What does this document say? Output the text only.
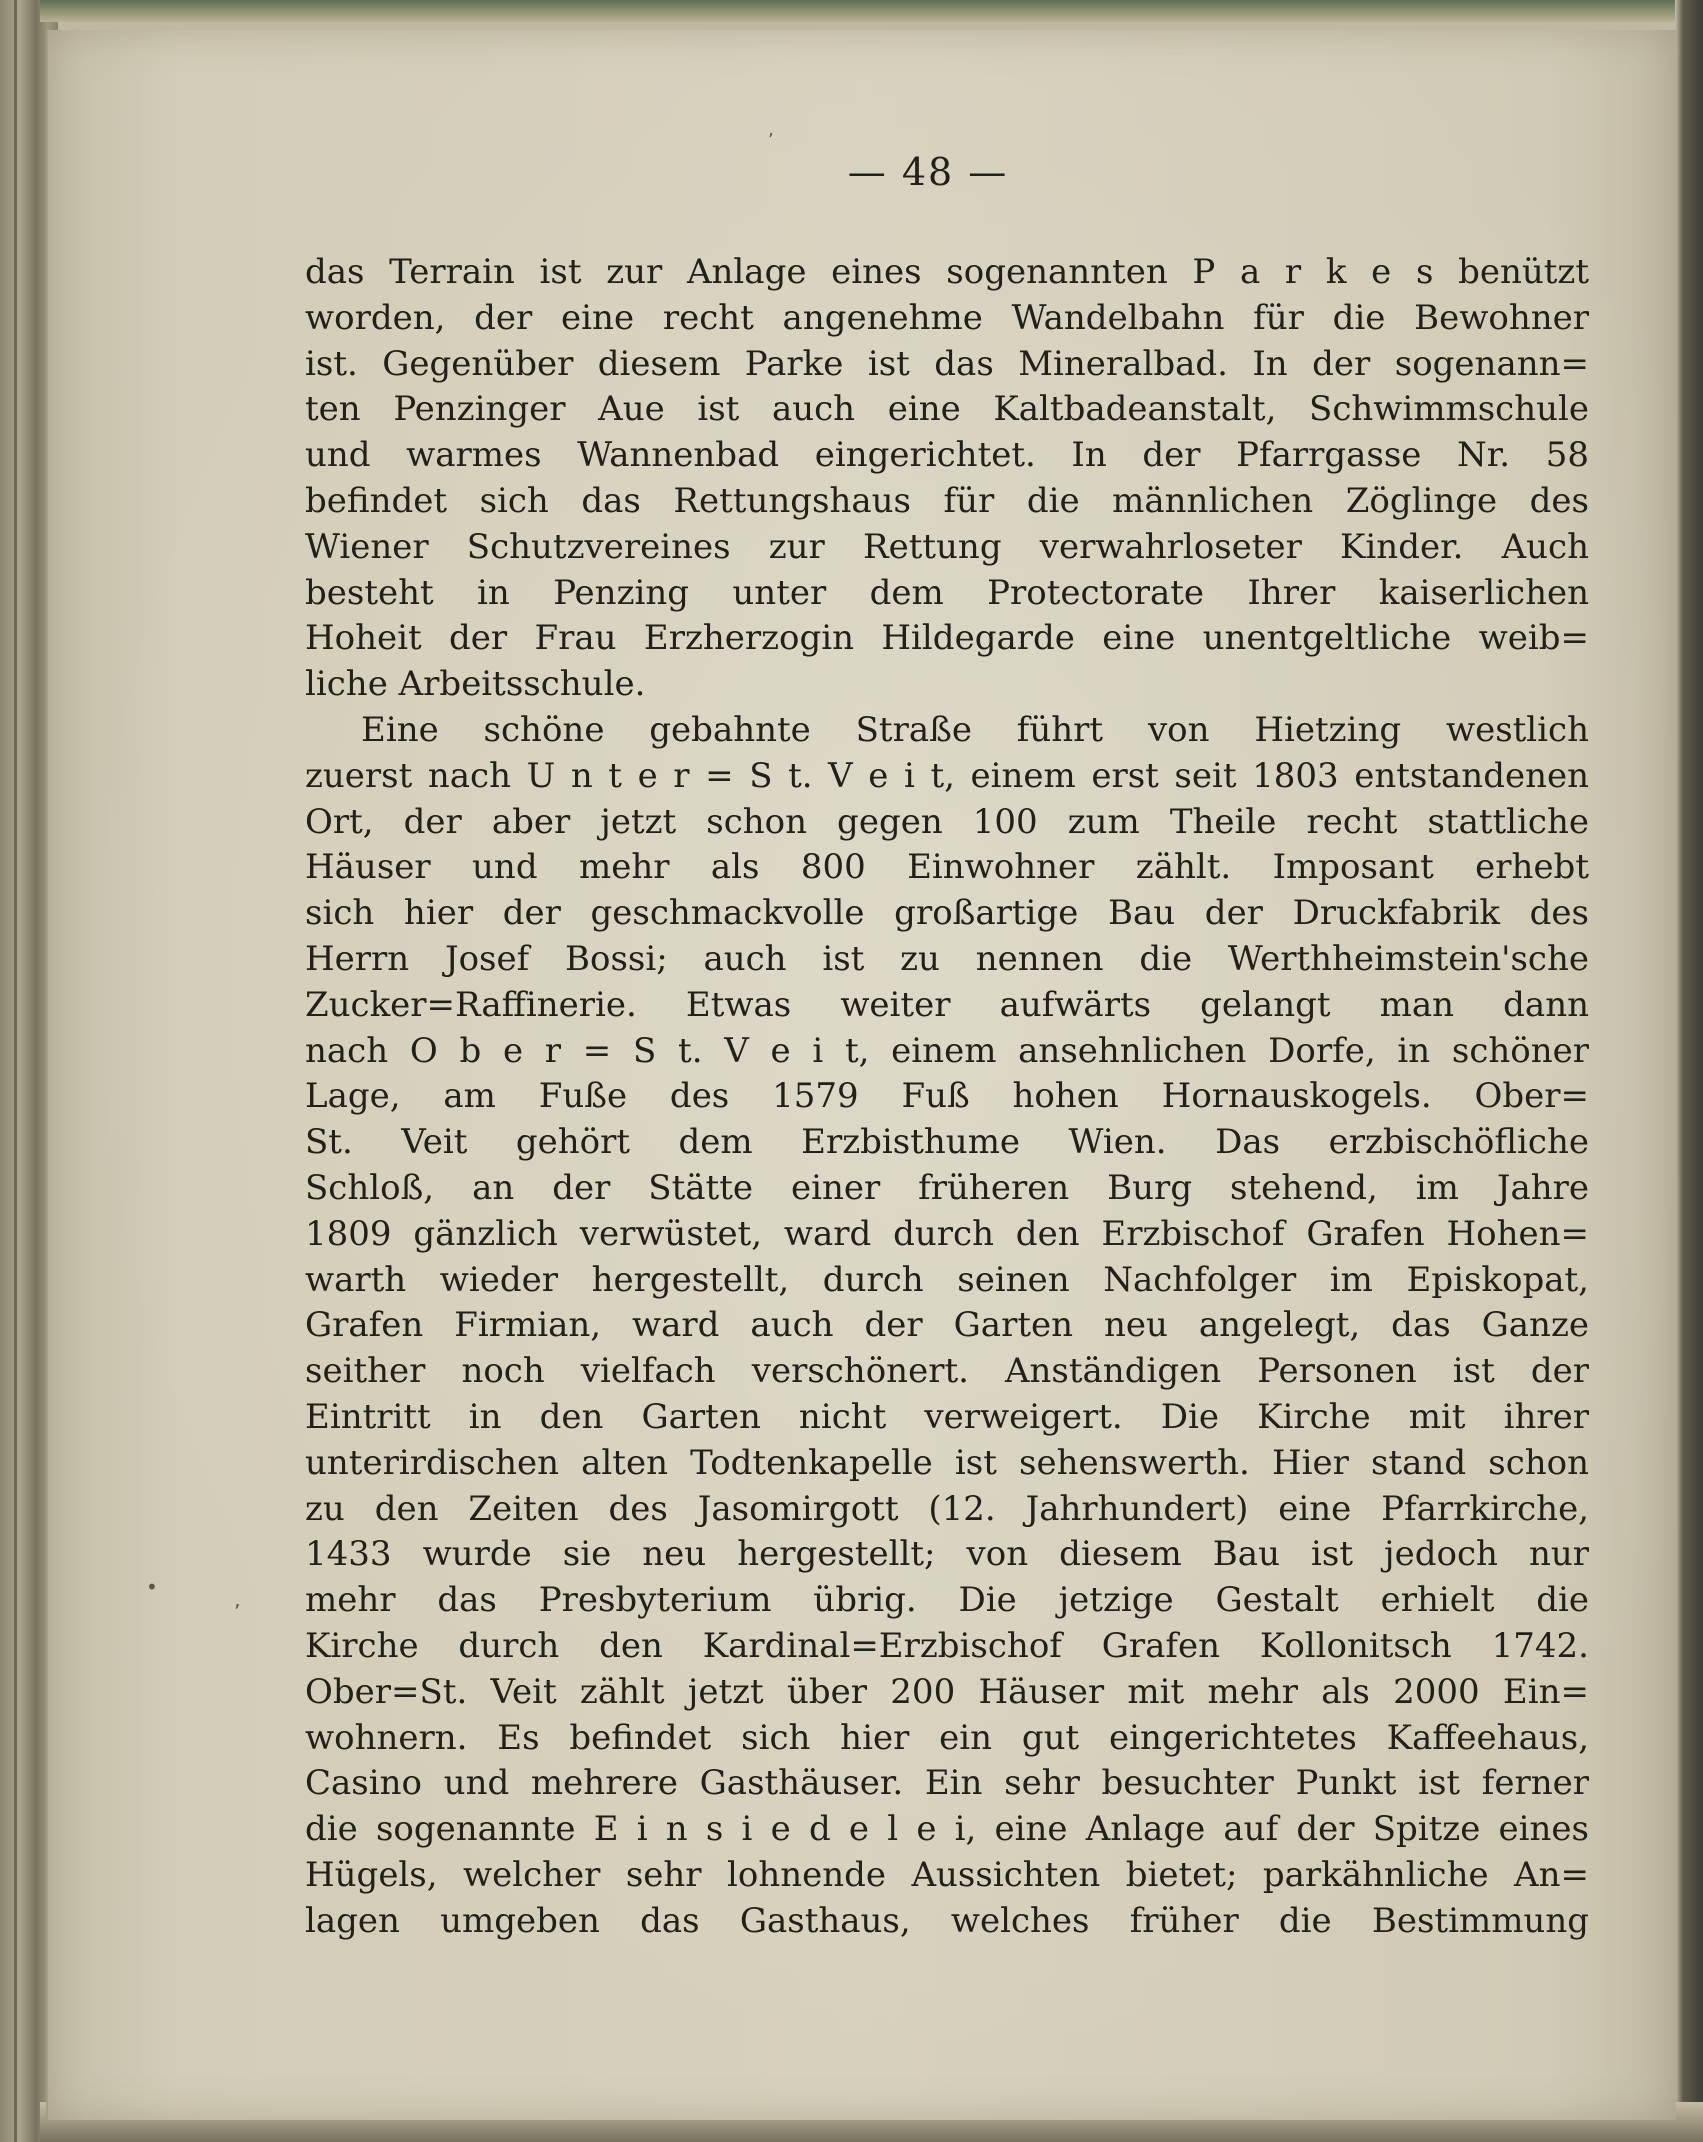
’
•
’
— 48 —
das Terrain ist zur Anlage eines sogenannten P a r k e s benützt
worden, der eine recht angenehme Wandelbahn für die Bewohner
ist. Gegenüber diesem Parke ist das Mineralbad. In der sogenann=
ten Penzinger Aue ist auch eine Kaltbadeanstalt, Schwimmschule
und warmes Wannenbad eingerichtet. In der Pfarrgasse Nr. 58
befindet sich das Rettungshaus für die männlichen Zöglinge des
Wiener Schutzvereines zur Rettung verwahrloseter Kinder. Auch
besteht in Penzing unter dem Protectorate Ihrer kaiserlichen
Hoheit der Frau Erzherzogin Hildegarde eine unentgeltliche weib=
liche Arbeitsschule.
Eine schöne gebahnte Straße führt von Hietzing westlich
zuerst nach U n t e r = S t. V e i t, einem erst seit 1803 entstandenen
Ort, der aber jetzt schon gegen 100 zum Theile recht stattliche
Häuser und mehr als 800 Einwohner zählt. Imposant erhebt
sich hier der geschmackvolle großartige Bau der Druckfabrik des
Herrn Josef Bossi; auch ist zu nennen die Werthheimstein'sche
Zucker=Raffinerie. Etwas weiter aufwärts gelangt man dann
nach O b e r = S t. V e i t, einem ansehnlichen Dorfe, in schöner
Lage, am Fuße des 1579 Fuß hohen Hornauskogels. Ober=
St. Veit gehört dem Erzbisthume Wien. Das erzbischöfliche
Schloß, an der Stätte einer früheren Burg stehend, im Jahre
1809 gänzlich verwüstet, ward durch den Erzbischof Grafen Hohen=
warth wieder hergestellt, durch seinen Nachfolger im Episkopat,
Grafen Firmian, ward auch der Garten neu angelegt, das Ganze
seither noch vielfach verschönert. Anständigen Personen ist der
Eintritt in den Garten nicht verweigert. Die Kirche mit ihrer
unterirdischen alten Todtenkapelle ist sehenswerth. Hier stand schon
zu den Zeiten des Jasomirgott (12. Jahrhundert) eine Pfarrkirche,
1433 wurde sie neu hergestellt; von diesem Bau ist jedoch nur
mehr das Presbyterium übrig. Die jetzige Gestalt erhielt die
Kirche durch den Kardinal=Erzbischof Grafen Kollonitsch 1742.
Ober=St. Veit zählt jetzt über 200 Häuser mit mehr als 2000 Ein=
wohnern. Es befindet sich hier ein gut eingerichtetes Kaffeehaus,
Casino und mehrere Gasthäuser. Ein sehr besuchter Punkt ist ferner
die sogenannte E i n s i e d e l e i, eine Anlage auf der Spitze eines
Hügels, welcher sehr lohnende Aussichten bietet; parkähnliche An=
lagen umgeben das Gasthaus, welches früher die Bestimmung
